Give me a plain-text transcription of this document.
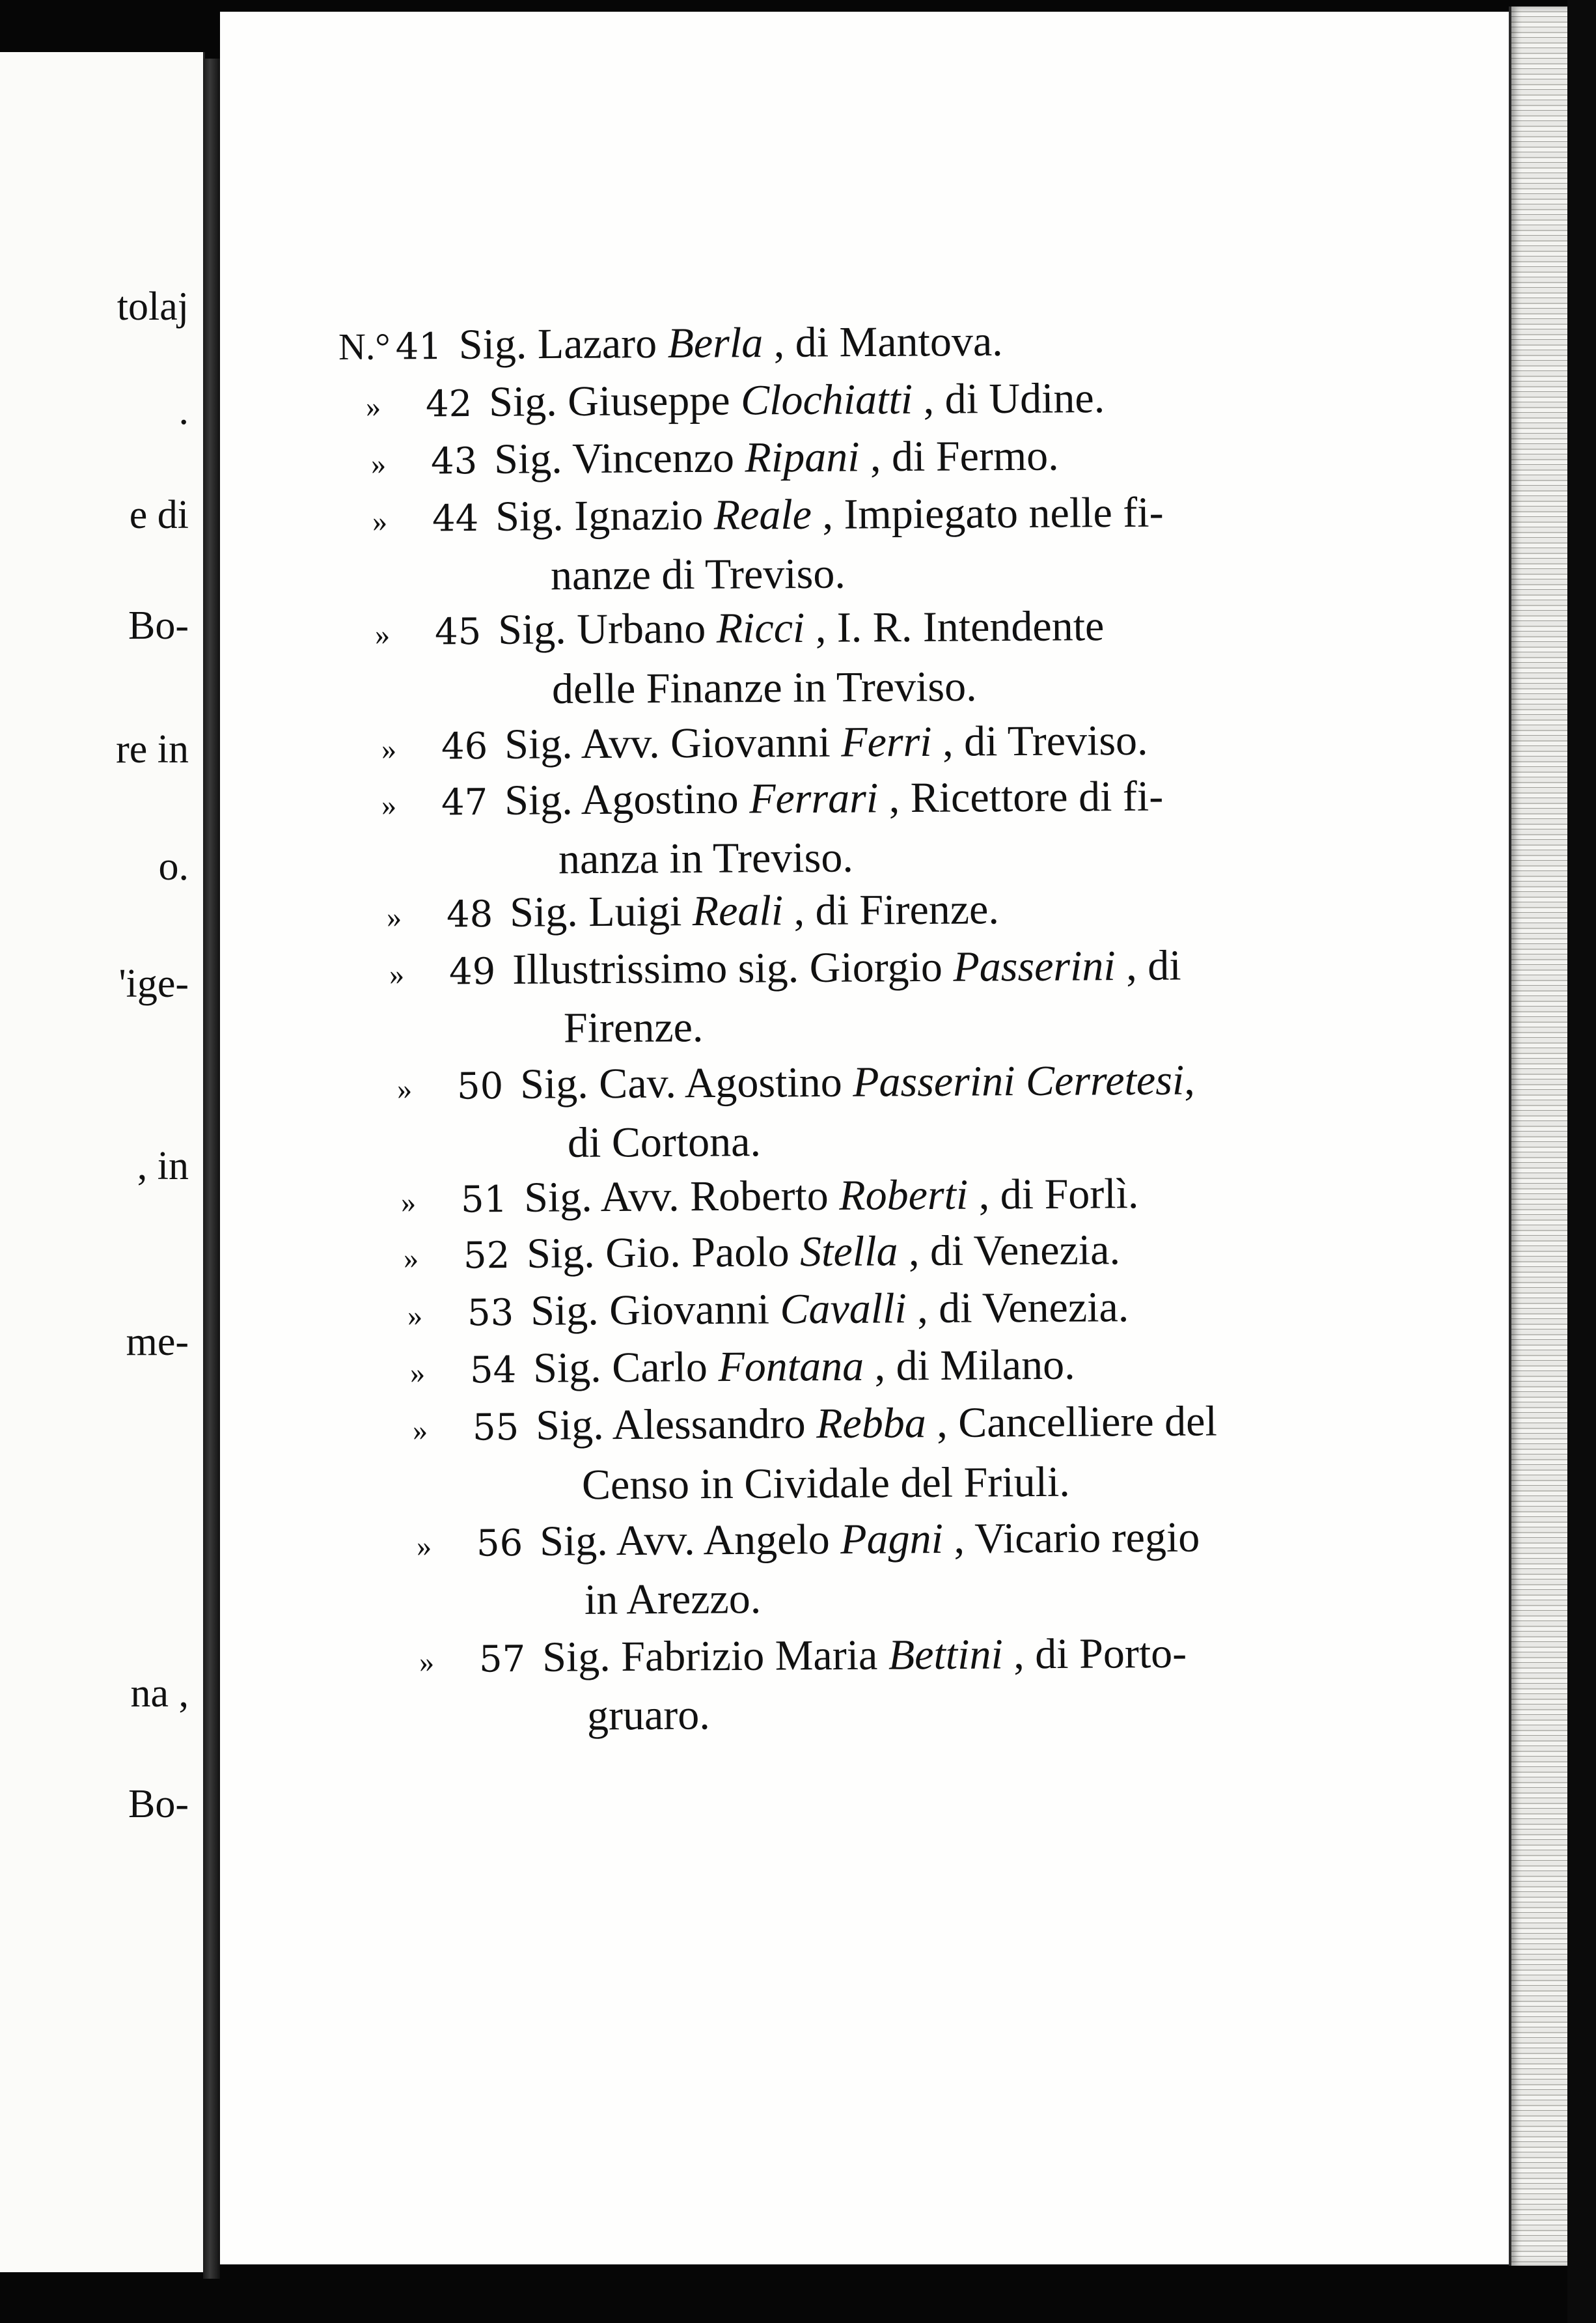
tolaj
.
e di
Bo-
re in
o.
'ige-
, in
me-
na ,
Bo-
N.° 41 Sig. Lazaro Berla , di Mantova.
» 42 Sig. Giuseppe Clochiatti , di Udine.
» 43 Sig. Vincenzo Ripani , di Fermo.
» 44 Sig. Ignazio Reale , Impiegato nelle fi-
nanze di Treviso.
» 45 Sig. Urbano Ricci , I. R. Intendente
delle Finanze in Treviso.
» 46 Sig. Avv. Giovanni Ferri , di Treviso.
» 47 Sig. Agostino Ferrari , Ricettore di fi-
nanza in Treviso.
» 48 Sig. Luigi Reali , di Firenze.
» 49 Illustrissimo sig. Giorgio Passerini , di
Firenze.
» 50 Sig. Cav. Agostino Passerini Cerretesi,
di Cortona.
» 51 Sig. Avv. Roberto Roberti , di Forlì.
» 52 Sig. Gio. Paolo Stella , di Venezia.
» 53 Sig. Giovanni Cavalli , di Venezia.
» 54 Sig. Carlo Fontana , di Milano.
» 55 Sig. Alessandro Rebba , Cancelliere del
Censo in Cividale del Friuli.
» 56 Sig. Avv. Angelo Pagni , Vicario regio
in Arezzo.
» 57 Sig. Fabrizio Maria Bettini , di Porto-
gruaro.
